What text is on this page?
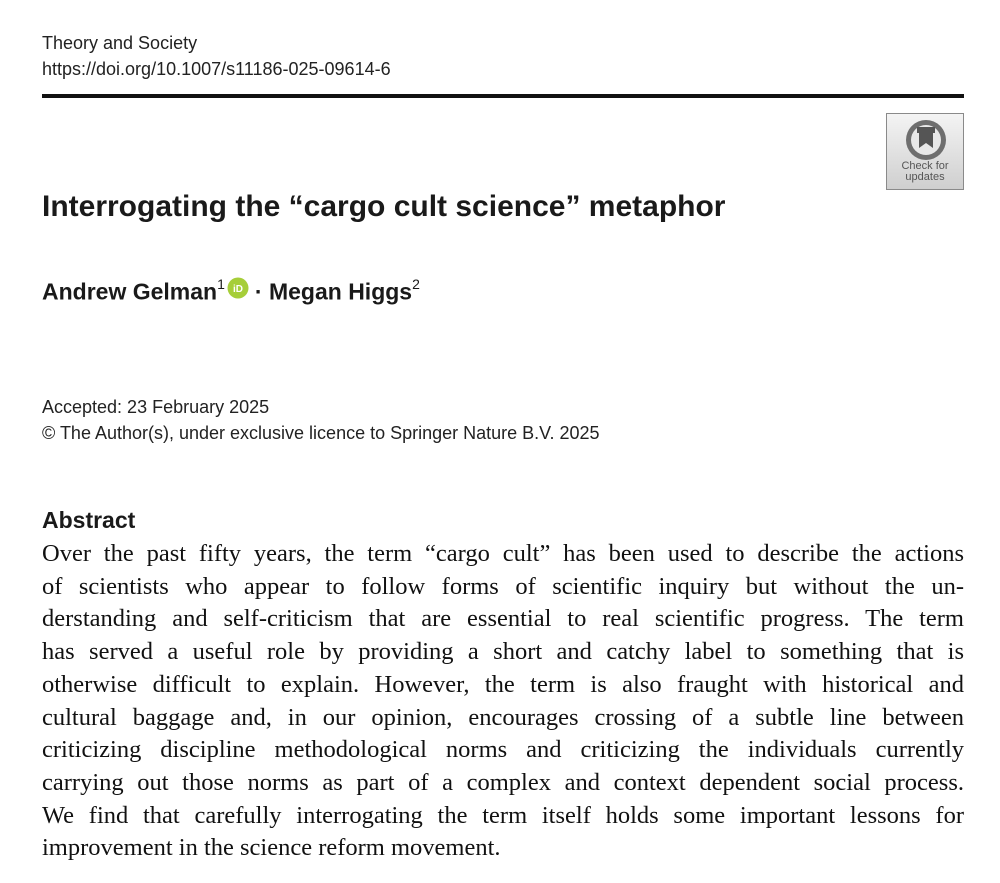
Theory and Society
https://doi.org/10.1007/s11186-025-09614-6
Check for updates
Interrogating the “cargo cult science” metaphor
Andrew Gelman$^1$ iD · Megan Higgs$^2$
Accepted: 23 February 2025
© The Author(s), under exclusive licence to Springer Nature B.V. 2025
Abstract
Over the past fifty years, the term “cargo cult” has been used to describe the actions
of scientists who appear to follow forms of scientific inquiry but without the un-
derstanding and self-criticism that are essential to real scientific progress. The term
has served a useful role by providing a short and catchy label to something that is
otherwise difficult to explain. However, the term is also fraught with historical and
cultural baggage and, in our opinion, encourages crossing of a subtle line between
criticizing discipline methodological norms and criticizing the individuals currently
carrying out those norms as part of a complex and context dependent social process.
We find that carefully interrogating the term itself holds some important lessons for
improvement in the science reform movement.
